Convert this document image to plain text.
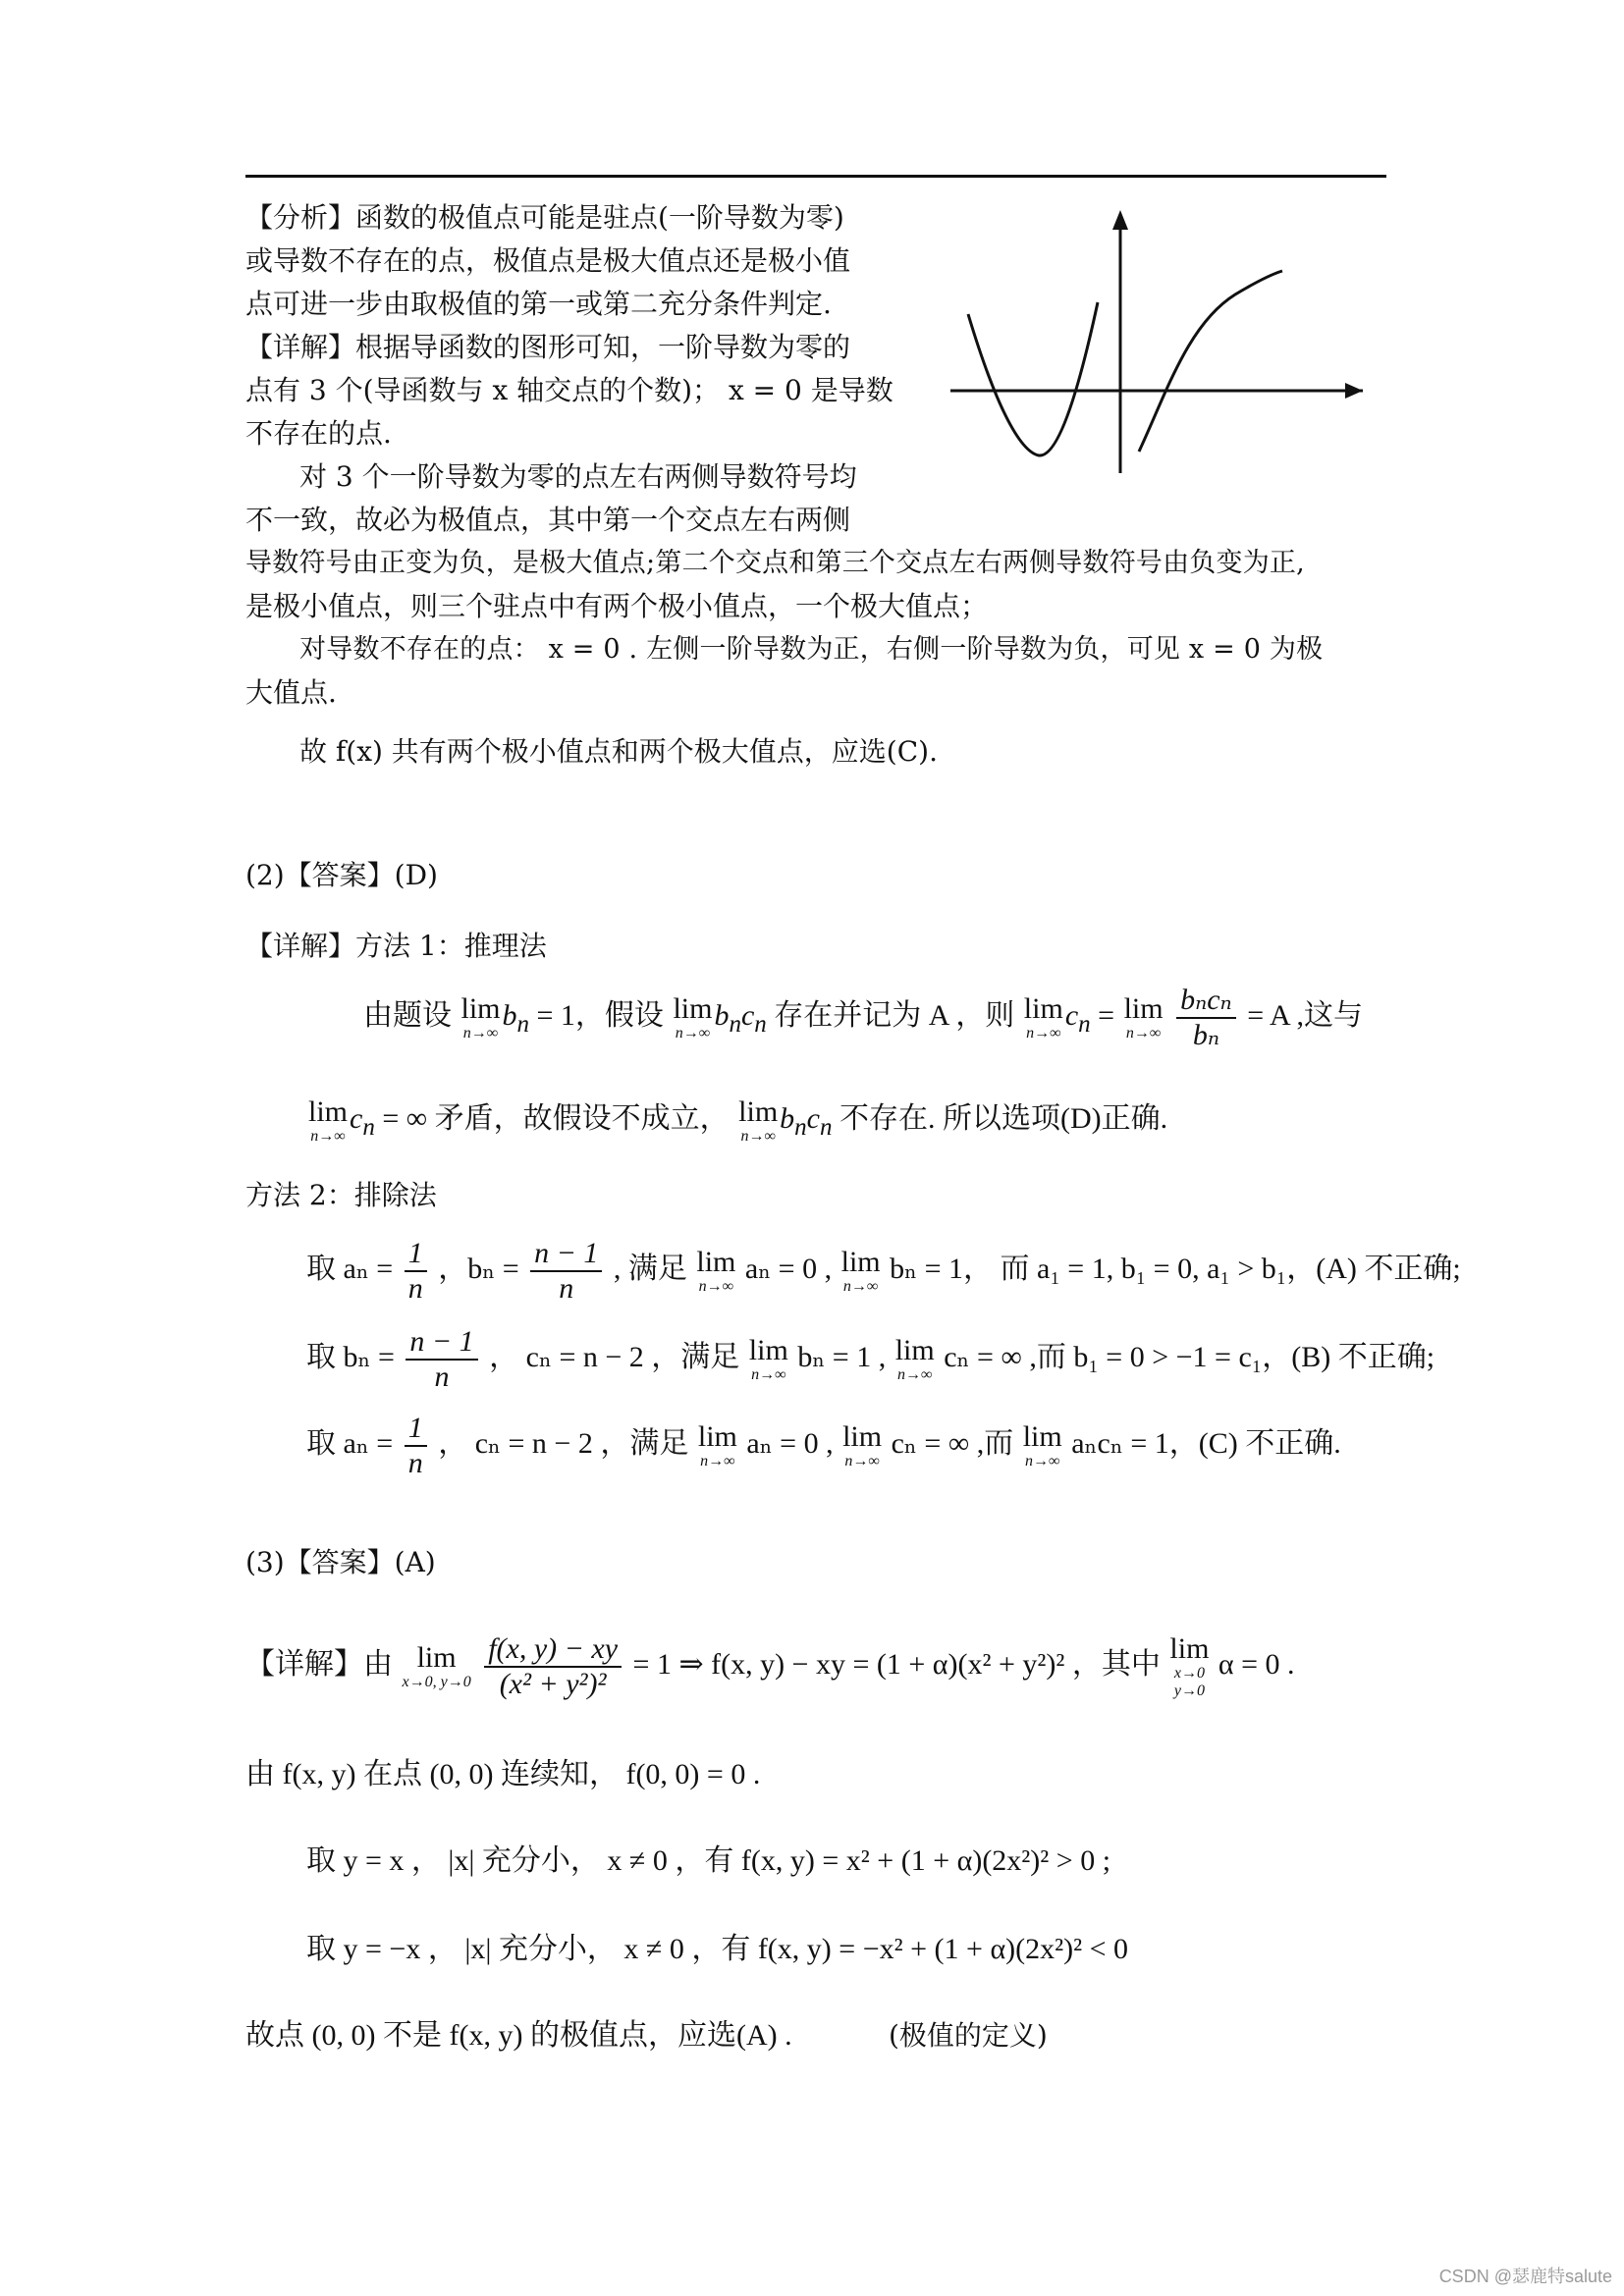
【分析】函数的极值点可能是驻点(一阶导数为零)
或导数不存在的点，极值点是极大值点还是极小值
点可进一步由取极值的第一或第二充分条件判定.
【详解】根据导函数的图形可知，一阶导数为零的
点有 3 个(导函数与 x 轴交点的个数)； x = 0 是导数
不存在的点.
对 3 个一阶导数为零的点左右两侧导数符号均
不一致，故必为极值点，其中第一个交点左右两侧
导数符号由正变为负，是极大值点;第二个交点和第三个交点左右两侧导数符号由负变为正,
是极小值点，则三个驻点中有两个极小值点，一个极大值点；
对导数不存在的点： x = 0 . 左侧一阶导数为正，右侧一阶导数为负，可见 x = 0 为极
大值点.
故 f(x) 共有两个极小值点和两个极大值点，应选(C).
(2)【答案】(D)
【详解】方法 1：推理法
由题设 lim
n→∞
$b_n = 1$，假设 lim
n→∞
$b_nc_n$ 存在并记为 A ，则 lim
n→∞
$c_n = \lim$
n→∞
$\frac{\text{bₙcₙ}}{\text{bₙ}} = A$ ,这与
lim
n→∞
$c_n$ = ∞ 矛盾，故假设不成立， lim
n→∞
$b_nc_n$ 不存在. 所以选项(D)正确.
方法 2：排除法
取 $a_n = \frac{1}{n}$ ，$b_n = \frac{n - 1}{n}$ , 满足 lim
n→∞
aₙ = 0 , lim
n→∞
bₙ = 1， 而 a₁ = 1, b₁ = 0, a₁ > b₁，(A) 不正确;
取 $b_n = \frac{n - 1}{n}$ ， cₙ = n − 2 ，满足 lim
n→∞
bₙ = 1 , lim
n→∞
cₙ = ∞ ,而 b₁ = 0 > −1 = c₁，(B) 不正确;
取 $a_n = \frac{1}{n}$ ， cₙ = n − 2 ，满足 lim
n→∞
aₙ = 0 , lim
n→∞
cₙ = ∞ ,而 lim
n→∞
aₙcₙ = 1，(C) 不正确.
(3)【答案】(A)
【详解】由 lim
x→0, y→0
$\frac{f(x, y) - xy}{\text{(x² + y²)²}} = 1$ ⇒ f(x, y) − xy = (1 + α)(x² + y²)² ，其中 lim
x→0
y→0
α = 0 .
由 f(x, y) 在点 (0, 0) 连续知， f(0, 0) = 0 .
取 y = x ， |x| 充分小， x ≠ 0 ，有 f(x, y) = x² + (1 + α)(2x²)² > 0 ;
取 y = −x ， |x| 充分小， x ≠ 0 ，有 f(x, y) = −x² + (1 + α)(2x²)² < 0
故点 (0, 0) 不是 f(x, y) 的极值点，应选(A) .	(极值的定义)
CSDN @瑟鹿特salute
